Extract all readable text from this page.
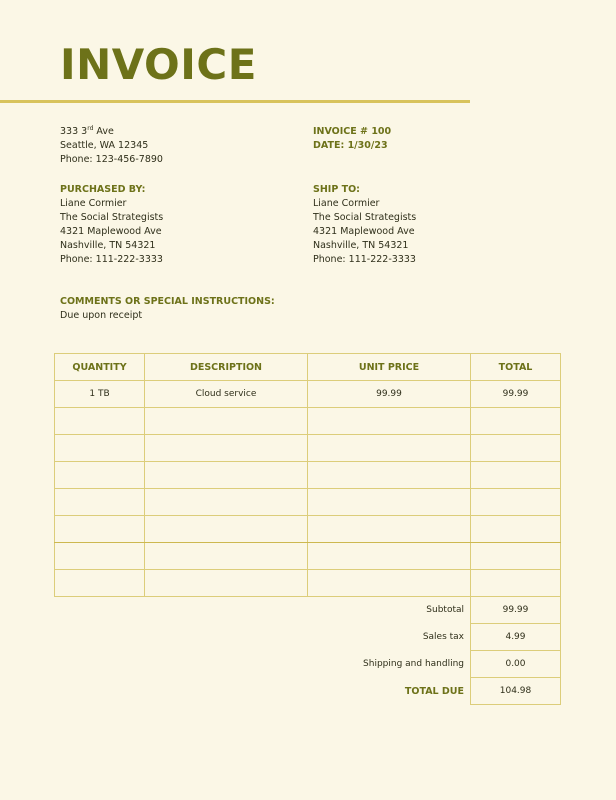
INVOICE
333 3rd Ave
Seattle, WA 12345
Phone: 123-456-7890
INVOICE # 100
DATE: 1/30/23
PURCHASED BY:
Liane Cormier
The Social Strategists
4321 Maplewood Ave
Nashville, TN 54321
Phone: 111-222-3333
SHIP TO:
Liane Cormier
The Social Strategists
4321 Maplewood Ave
Nashville, TN 54321
Phone: 111-222-3333
COMMENTS OR SPECIAL INSTRUCTIONS:
Due upon receipt
QUANTITY	DESCRIPTION	UNIT PRICE	TOTAL
1 TB	Cloud service	99.99	99.99

Subtotal	99.99
Sales tax	4.99
Shipping and handling	0.00
TOTAL DUE	104.98
